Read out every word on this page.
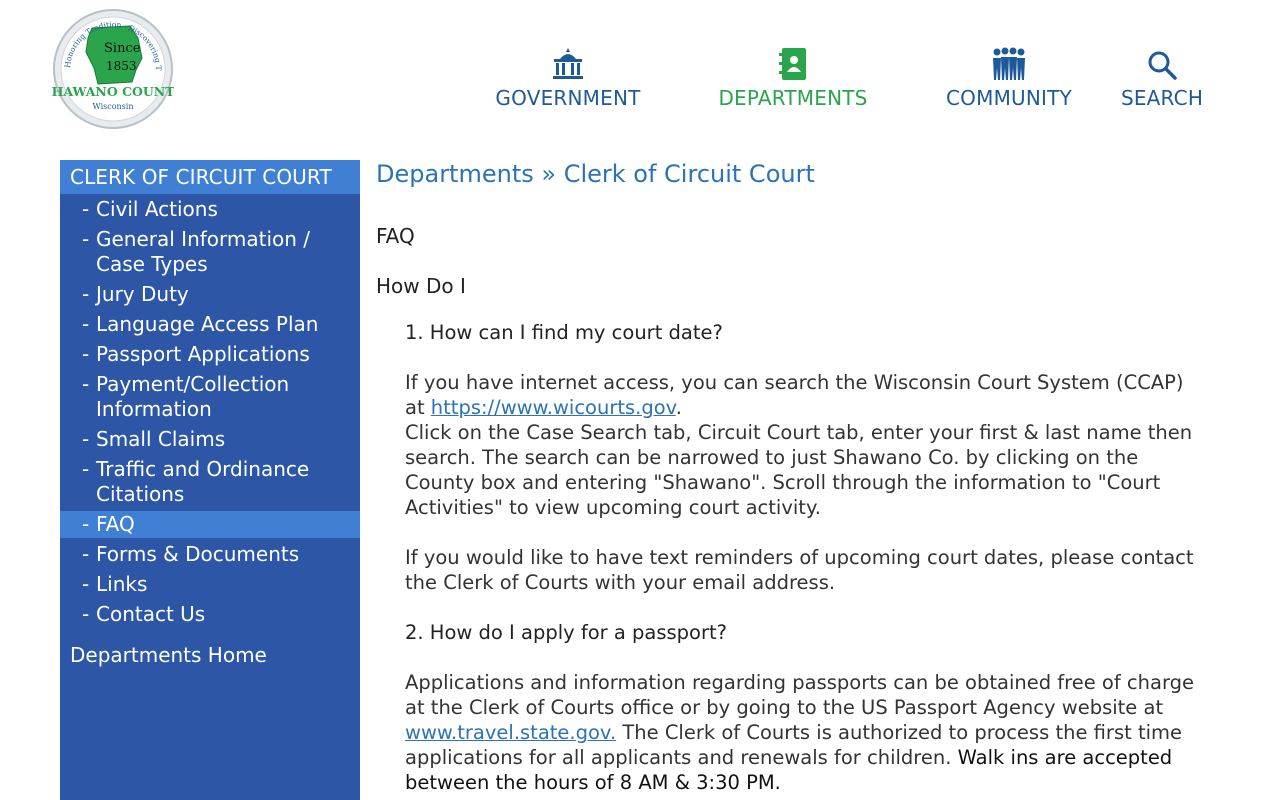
Since
1853
HAWANO COUNT
Wisconsin
Honoring Tradition · Discovering T
GOVERNMENT	DEPARTMENTS	COMMUNITY	SEARCH
CLERK OF CIRCUIT COURT
- Civil Actions
- General Information / Case Types
- Jury Duty
- Language Access Plan
- Passport Applications
- Payment/Collection Information
- Small Claims
- Traffic and Ordinance Citations
- FAQ
- Forms & Documents
- Links
- Contact Us
Departments Home
Departments » Clerk of Circuit Court
FAQ
How Do I
1. How can I find my court date?
If you have internet access, you can search the Wisconsin Court System (CCAP) at https://www.wicourts.gov.
Click on the Case Search tab, Circuit Court tab, enter your first & last name then search. The search can be narrowed to just Shawano Co. by clicking on the County box and entering "Shawano". Scroll through the information to "Court Activities" to view upcoming court activity.
If you would like to have text reminders of upcoming court dates, please contact the Clerk of Courts with your email address.
2. How do I apply for a passport?
Applications and information regarding passports can be obtained free of charge at the Clerk of Courts office or by going to the US Passport Agency website at www.travel.state.gov. The Clerk of Courts is authorized to process the first time applications for all applicants and renewals for children. Walk ins are accepted between the hours of 8 AM & 3:30 PM.
